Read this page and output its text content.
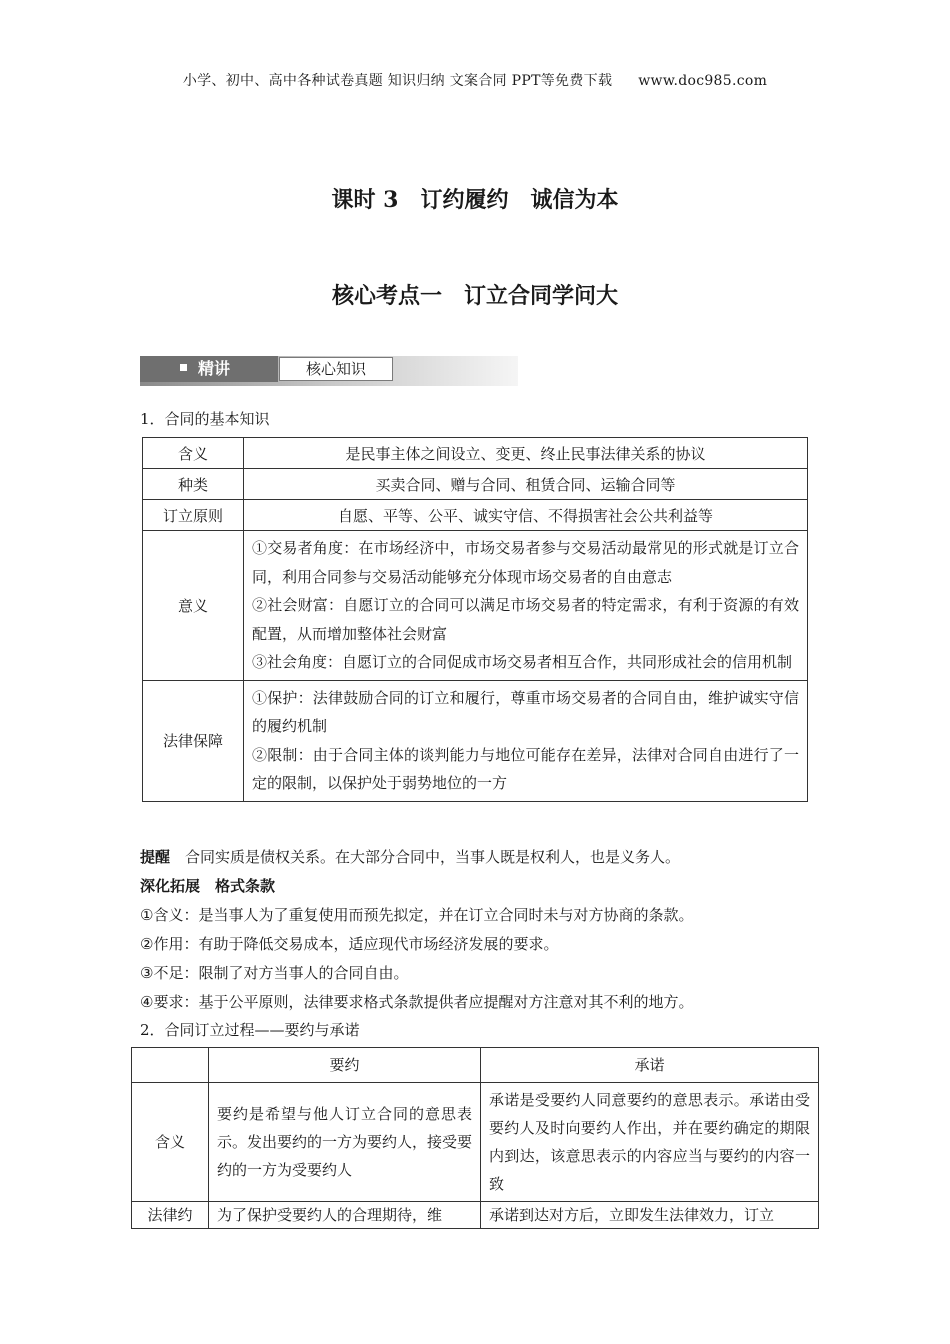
小学、初中、高中各种试卷真题 知识归纳 文案合同 PPT等免费下载 www.doc985.com
课时 3　订约履约　诚信为本
核心考点一　订立合同学问大
精讲	核心知识
1．合同的基本知识
含义	是民事主体之间设立、变更、终止民事法律关系的协议
种类	买卖合同、赠与合同、租赁合同、运输合同等
订立原则	自愿、平等、公平、诚实守信、不得损害社会公共利益等
意义	①交易者角度：在市场经济中，市场交易者参与交易活动最常见的形式就是订立合同，利用合同参与交易活动能够充分体现市场交易者的自由意志
②社会财富：自愿订立的合同可以满足市场交易者的特定需求，有利于资源的有效配置，从而增加整体社会财富
③社会角度：自愿订立的合同促成市场交易者相互合作，共同形成社会的信用机制

法律保障	①保护：法律鼓励合同的订立和履行，尊重市场交易者的合同自由，维护诚实守信的履约机制
②限制：由于合同主体的谈判能力与地位可能存在差异，法律对合同自由进行了一定的限制，以保护处于弱势地位的一方
提醒　 合同实质是债权关系。在大部分合同中，当事人既是权利人，也是义务人。
深化拓展　格式条款
①含义：是当事人为了重复使用而预先拟定，并在订立合同时未与对方协商的条款。
②作用：有助于降低交易成本，适应现代市场经济发展的要求。
③不足：限制了对方当事人的合同自由。
④要求：基于公平原则，法律要求格式条款提供者应提醒对方注意对其不利的地方。
2．合同订立过程——要约与承诺
	要约	承诺
含义	要约是希望与他人订立合同的意思表示。发出要约的一方为要约人，接受要约的一方为受要约人	承诺是受要约人同意要约的意思表示。承诺由受要约人及时向要约人作出，并在要约确定的期限内到达，该意思表示的内容应当与要约的内容一致
法律约	为了保护受要约人的合理期待，维	承诺到达对方后，立即发生法律效力，订立
